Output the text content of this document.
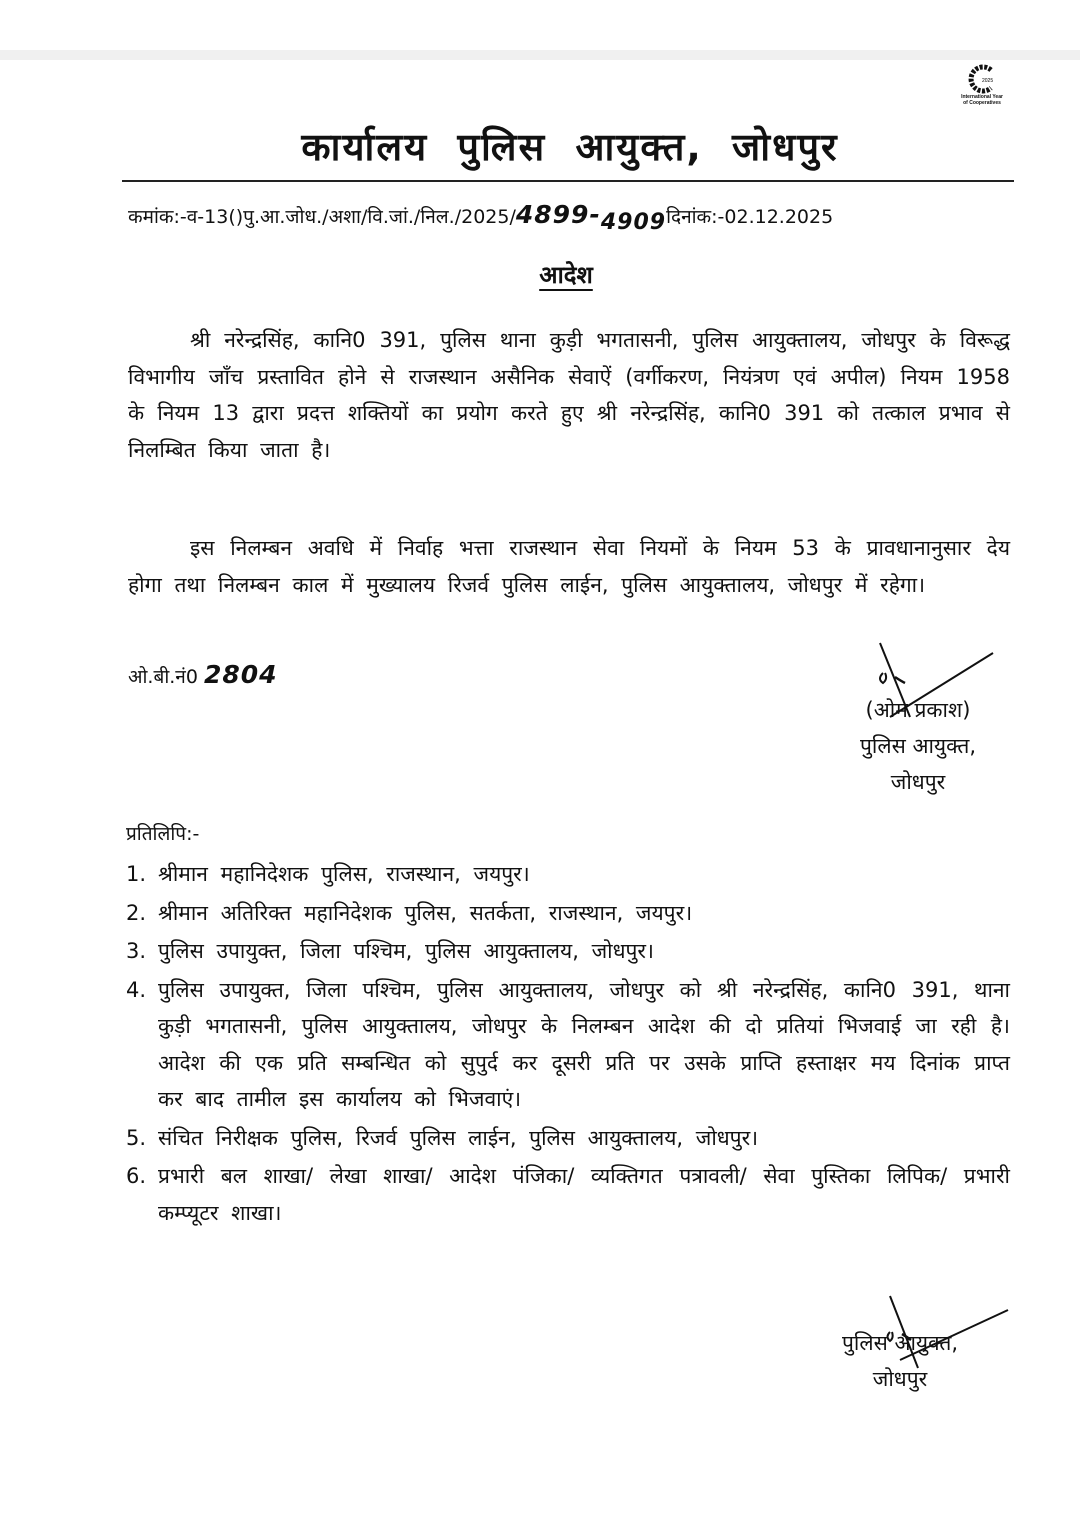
2025
International Year
of Cooperatives
कार्यालय पुलिस आयुक्त, जोधपुर
कमांक:-व-13()पु.आ.जोध./अशा/वि.जां./निल./2025/4899-4909दिनांक:-02.12.2025
आदेश
श्री नरेन्द्रसिंह, कानि0 391, पुलिस थाना कुड़ी भगतासनी, पुलिस आयुक्तालय, जोधपुर के विरूद्ध विभागीय जाँच प्रस्तावित होने से राजस्थान असैनिक सेवाऐं (वर्गीकरण, नियंत्रण एवं अपील) नियम 1958 के नियम 13 द्वारा प्रदत्त शक्तियों का प्रयोग करते हुए श्री नरेन्द्रसिंह, कानि0 391 को तत्काल प्रभाव से निलम्बित किया जाता है।
इस निलम्बन अवधि में निर्वाह भत्ता राजस्थान सेवा नियमों के नियम 53 के प्रावधानानुसार देय होगा तथा निलम्बन काल में मुख्यालय रिजर्व पुलिस लाईन, पुलिस आयुक्तालय, जोधपुर में रहेगा।
ओ.बी.नं0 2804
(ओम प्रकाश)
पुलिस आयुक्त,
जोधपुर
प्रतिलिपि:-
1. श्रीमान महानिदेशक पुलिस, राजस्थान, जयपुर।
2. श्रीमान अतिरिक्त महानिदेशक पुलिस, सतर्कता, राजस्थान, जयपुर।
3. पुलिस उपायुक्त, जिला पश्चिम, पुलिस आयुक्तालय, जोधपुर।
4. पुलिस उपायुक्त, जिला पश्चिम, पुलिस आयुक्तालय, जोधपुर को श्री नरेन्द्रसिंह, कानि0 391, थाना कुड़ी भगतासनी, पुलिस आयुक्तालय, जोधपुर के निलम्बन आदेश की दो प्रतियां भिजवाई जा रही है। आदेश की एक प्रति सम्बन्धित को सुपुर्द कर दूसरी प्रति पर उसके प्राप्ति हस्ताक्षर मय दिनांक प्राप्त कर बाद तामील इस कार्यालय को भिजवाएं।
5. संचित निरीक्षक पुलिस, रिजर्व पुलिस लाईन, पुलिस आयुक्तालय, जोधपुर।
6. प्रभारी बल शाखा/ लेखा शाखा/ आदेश पंजिका/ व्यक्तिगत पत्रावली/ सेवा पुस्तिका लिपिक/ प्रभारी कम्प्यूटर शाखा।
पुलिस आयुक्त,
जोधपुर
